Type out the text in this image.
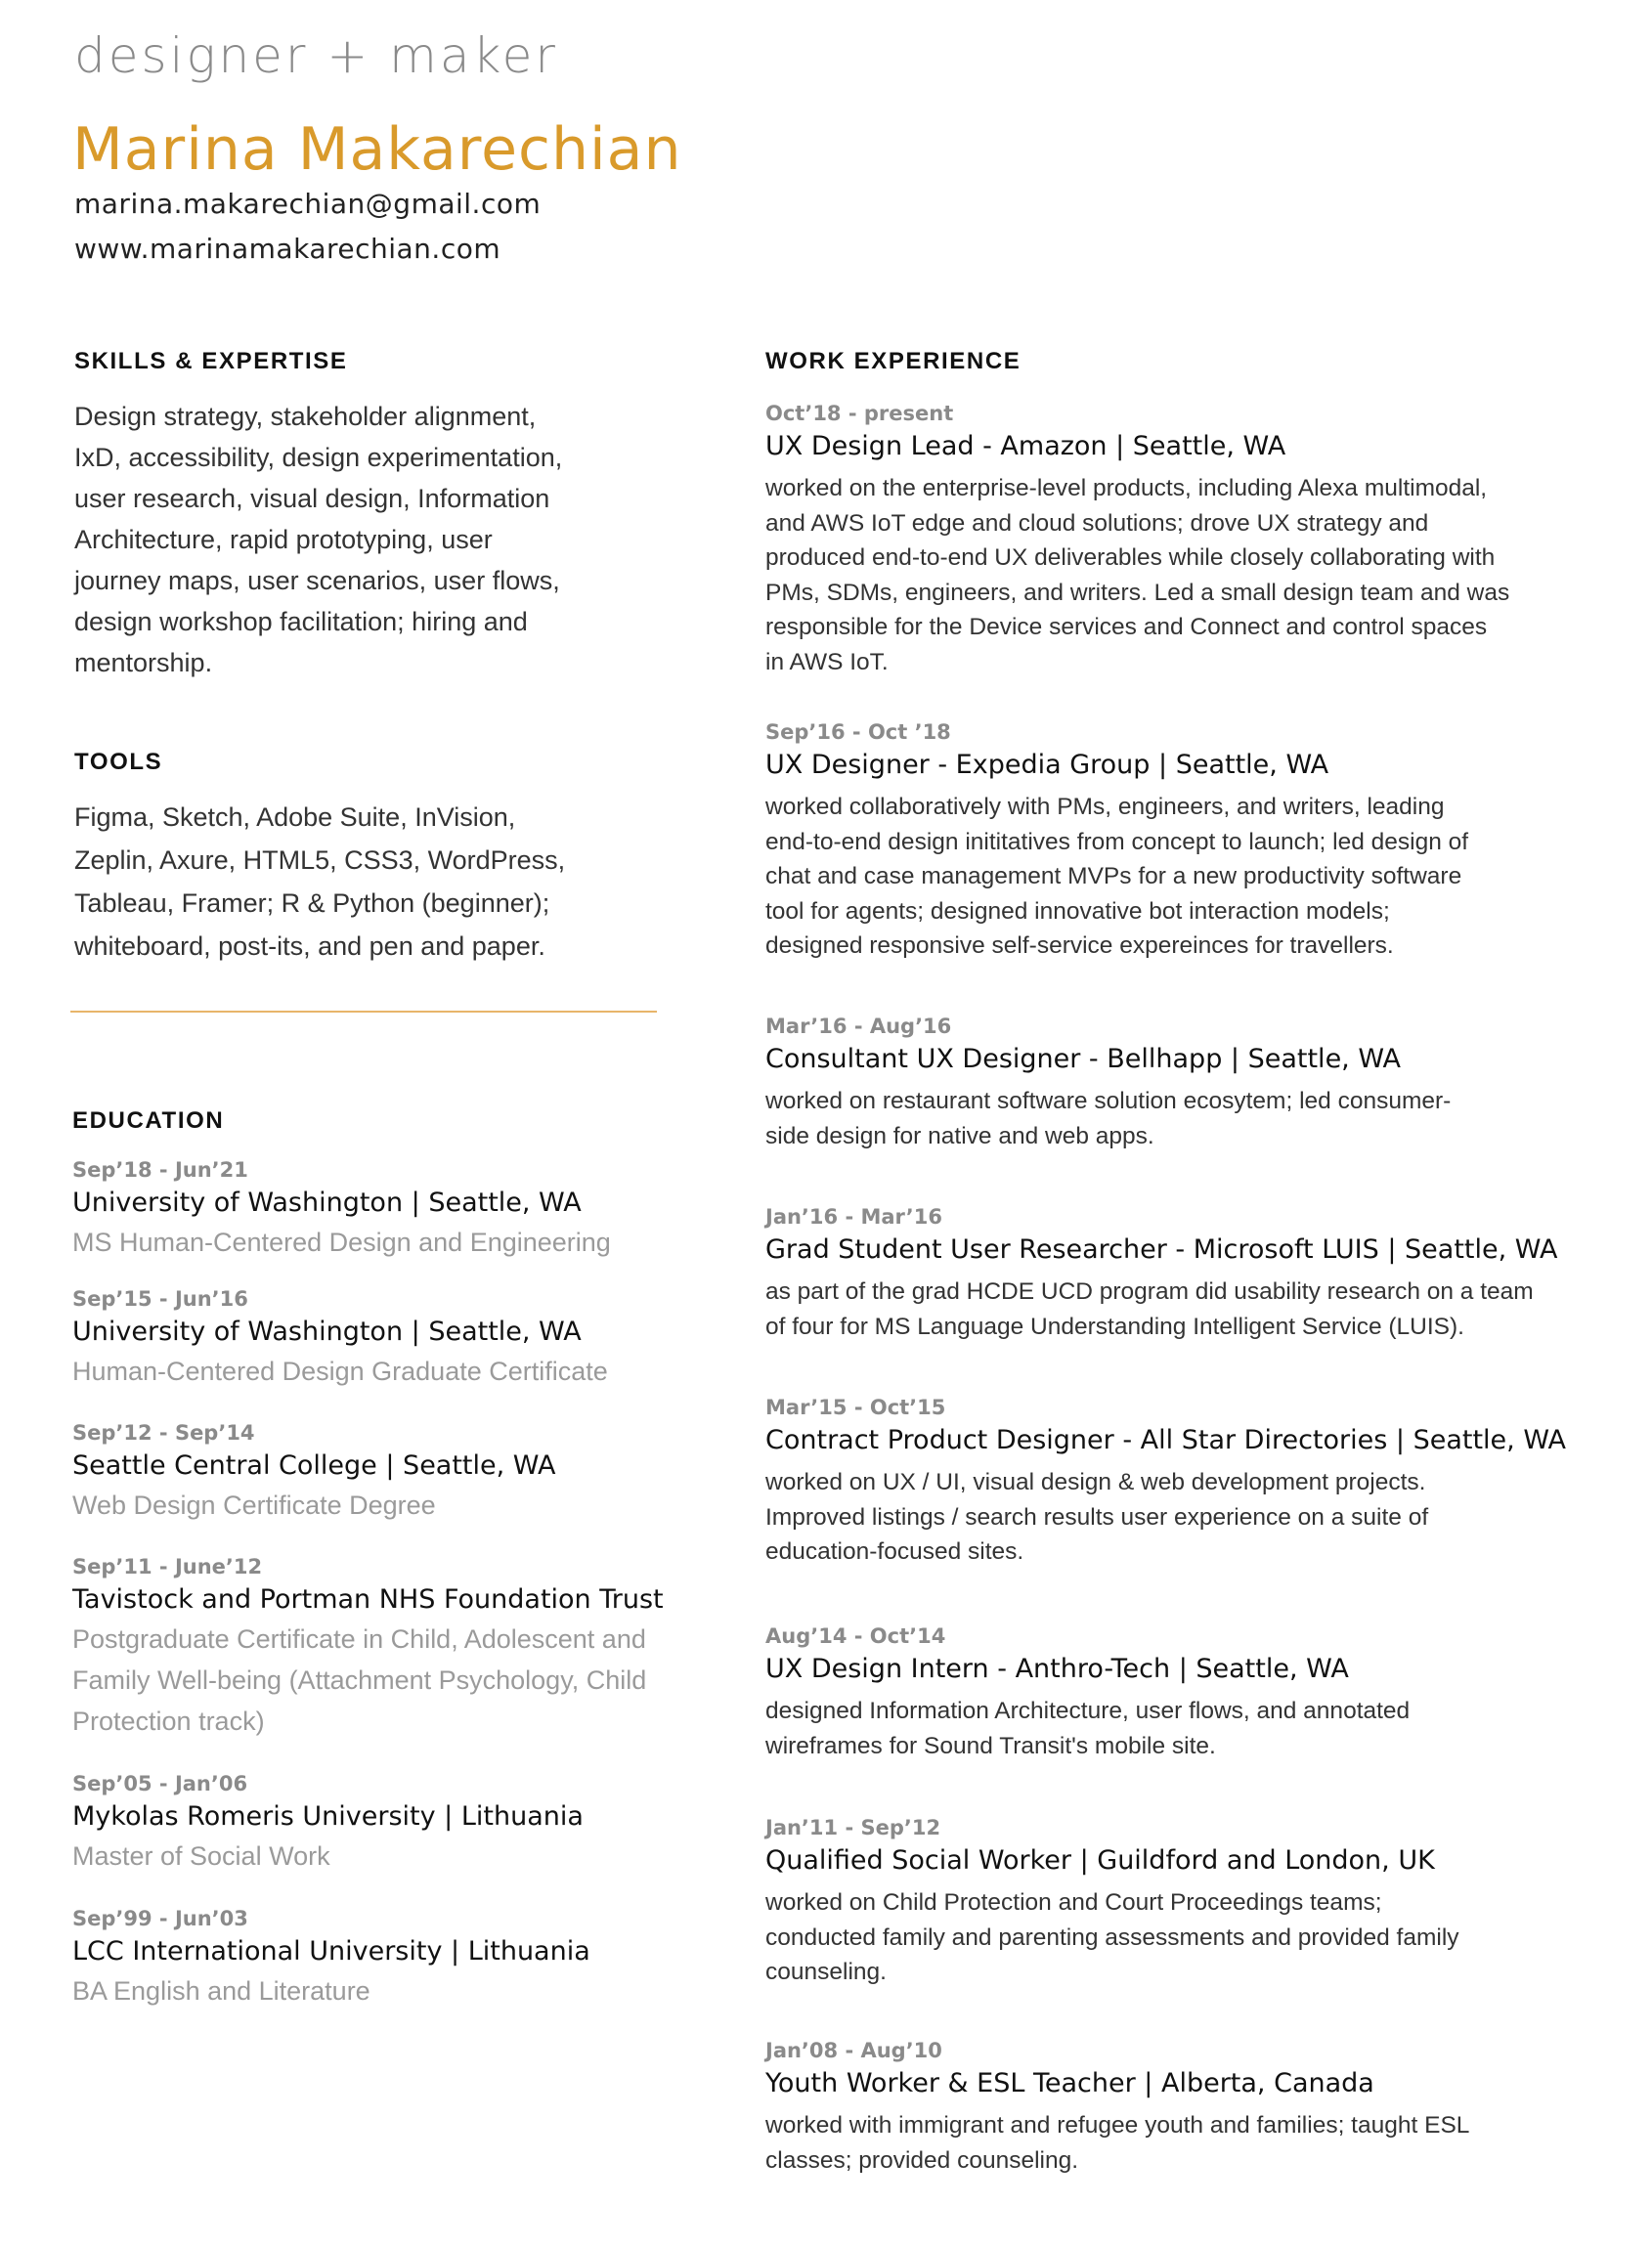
designer + maker
Marina Makarechian
marina.makarechian@gmail.com
www.marinamakarechian.com
SKILLS & EXPERTISE
Design strategy, stakeholder alignment,
IxD, accessibility, design experimentation,
user research, visual design, Information
Architecture, rapid prototyping, user
journey maps, user scenarios, user flows,
design workshop facilitation; hiring and
mentorship.
TOOLS
Figma, Sketch, Adobe Suite, InVision,
Zeplin, Axure, HTML5, CSS3, WordPress,
Tableau, Framer; R & Python (beginner);
whiteboard, post-its, and pen and paper.
EDUCATION
Sep’18 - Jun’21
University of Washington | Seattle, WA
MS Human-Centered Design and Engineering
Sep’15 - Jun’16
University of Washington | Seattle, WA
Human-Centered Design Graduate Certificate
Sep’12 - Sep’14
Seattle Central College | Seattle, WA
Web Design Certificate Degree
Sep’11 - June’12
Tavistock and Portman NHS Foundation Trust
Postgraduate Certificate in Child, Adolescent and
Family Well-being (Attachment Psychology, Child
Protection track)
Sep’05 - Jan’06
Mykolas Romeris University | Lithuania
Master of Social Work
Sep’99 - Jun’03
LCC International University | Lithuania
BA English and Literature
WORK EXPERIENCE
Oct’18 - present
UX Design Lead - Amazon | Seattle, WA
worked on the enterprise-level products, including Alexa multimodal,
and AWS IoT edge and cloud solutions; drove UX strategy and
produced end-to-end UX deliverables while closely collaborating with
PMs, SDMs, engineers, and writers. Led a small design team and was
responsible for the Device services and Connect and control spaces
in AWS IoT.
Sep’16 - Oct ’18
UX Designer - Expedia Group | Seattle, WA
worked collaboratively with PMs, engineers, and writers, leading
end-to-end design inititatives from concept to launch; led design of
chat and case management MVPs for a new productivity software
tool for agents; designed innovative bot interaction models;
designed responsive self-service expereinces for travellers.
Mar’16 - Aug’16
Consultant UX Designer - Bellhapp | Seattle, WA
worked on restaurant software solution ecosytem; led consumer-
side design for native and web apps.
Jan’16 - Mar’16
Grad Student User Researcher - Microsoft LUIS | Seattle, WA
as part of the grad HCDE UCD program did usability research on a team
of four for MS Language Understanding Intelligent Service (LUIS).
Mar’15 - Oct’15
Contract Product Designer - All Star Directories | Seattle, WA
worked on UX / UI, visual design & web development projects.
Improved listings / search results user experience on a suite of
education-focused sites.
Aug’14 - Oct’14
UX Design Intern - Anthro-Tech | Seattle, WA
designed Information Architecture, user flows, and annotated
wireframes for Sound Transit's mobile site.
Jan’11 - Sep’12
Qualified Social Worker | Guildford and London, UK
worked on Child Protection and Court Proceedings teams;
conducted family and parenting assessments and provided family
counseling.
Jan’08 - Aug’10
Youth Worker & ESL Teacher | Alberta, Canada
worked with immigrant and refugee youth and families; taught ESL
classes; provided counseling.
